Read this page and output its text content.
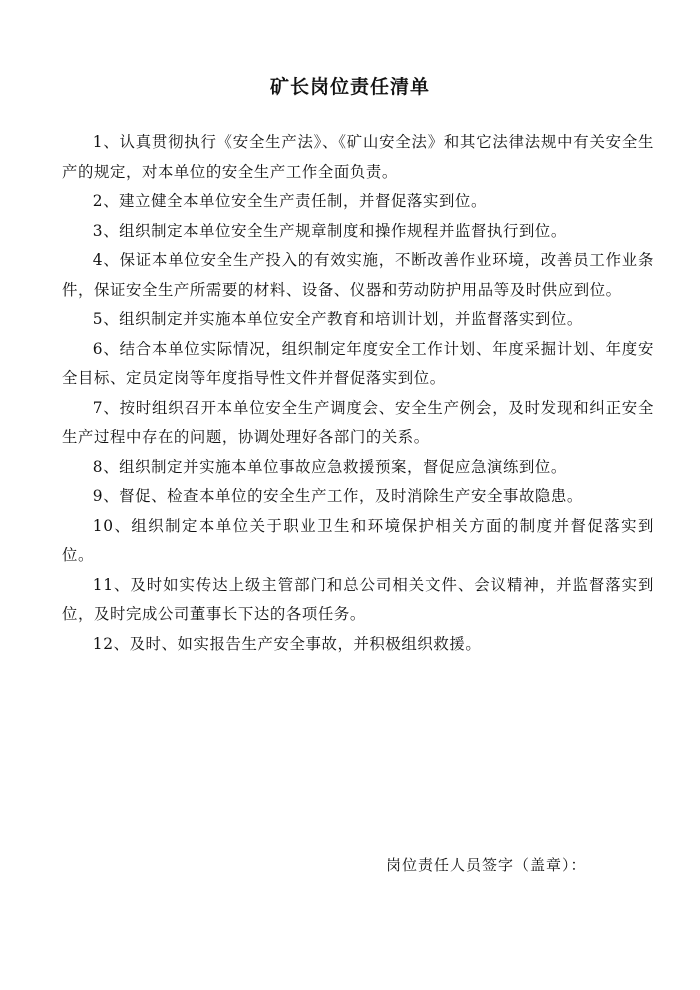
矿长岗位责任清单
1、认真贯彻执行《安全生产法》、《矿山安全法》和其它法律法规中有关安全生产的规定，对本单位的安全生产工作全面负责。
2、建立健全本单位安全生产责任制，并督促落实到位。
3、组织制定本单位安全生产规章制度和操作规程并监督执行到位。
4、保证本单位安全生产投入的有效实施，不断改善作业环境，改善员工作业条件，保证安全生产所需要的材料、设备、仪器和劳动防护用品等及时供应到位。
5、组织制定并实施本单位安全产教育和培训计划，并监督落实到位。
6、结合本单位实际情况，组织制定年度安全工作计划、年度采掘计划、年度安全目标、定员定岗等年度指导性文件并督促落实到位。
7、按时组织召开本单位安全生产调度会、安全生产例会，及时发现和纠正安全生产过程中存在的问题，协调处理好各部门的关系。
8、组织制定并实施本单位事故应急救援预案，督促应急演练到位。
9、督促、检查本单位的安全生产工作，及时消除生产安全事故隐患。
10、组织制定本单位关于职业卫生和环境保护相关方面的制度并督促落实到位。
11、及时如实传达上级主管部门和总公司相关文件、会议精神，并监督落实到位，及时完成公司董事长下达的各项任务。
12、及时、如实报告生产安全事故，并积极组织救援。
岗位责任人员签字（盖章）：
